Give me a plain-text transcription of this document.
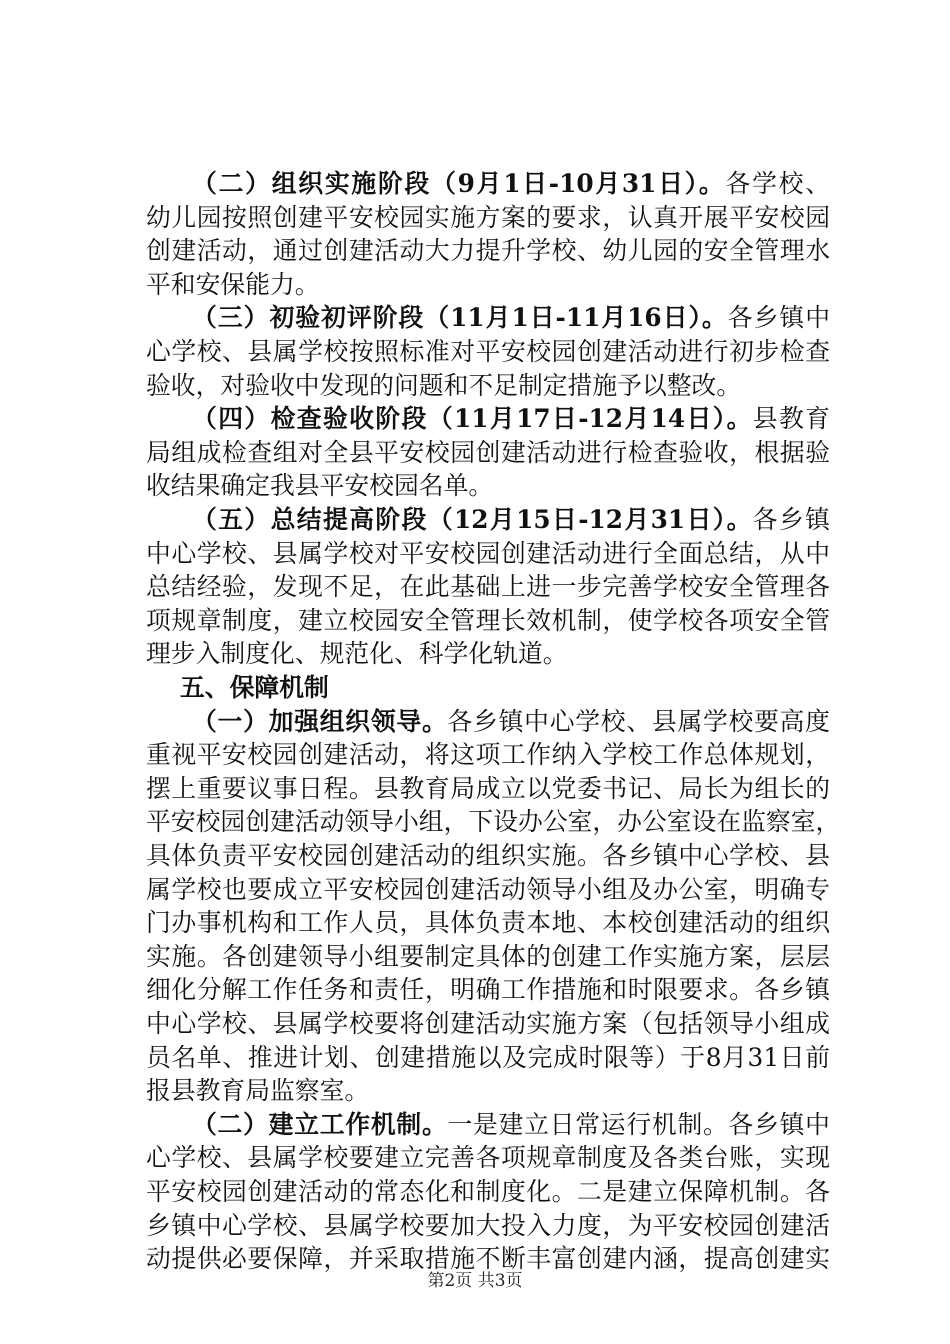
（二）组织实施阶段（9月1日-10月31日）。各学校、
幼儿园按照创建平安校园实施方案的要求，认真开展平安校园
创建活动，通过创建活动大力提升学校、幼儿园的安全管理水
平和安保能力。
（三）初验初评阶段（11月1日-11月16日）。各乡镇中
心学校、县属学校按照标准对平安校园创建活动进行初步检查
验收，对验收中发现的问题和不足制定措施予以整改。
（四）检查验收阶段（11月17日-12月14日）。县教育
局组成检查组对全县平安校园创建活动进行检查验收，根据验
收结果确定我县平安校园名单。
（五）总结提高阶段（12月15日-12月31日）。各乡镇
中心学校、县属学校对平安校园创建活动进行全面总结，从中
总结经验，发现不足，在此基础上进一步完善学校安全管理各
项规章制度，建立校园安全管理长效机制，使学校各项安全管
理步入制度化、规范化、科学化轨道。
五、保障机制
（一）加强组织领导。各乡镇中心学校、县属学校要高度
重视平安校园创建活动，将这项工作纳入学校工作总体规划，
摆上重要议事日程。县教育局成立以党委书记、局长为组长的
平安校园创建活动领导小组，下设办公室，办公室设在监察室，
具体负责平安校园创建活动的组织实施。各乡镇中心学校、县
属学校也要成立平安校园创建活动领导小组及办公室，明确专
门办事机构和工作人员，具体负责本地、本校创建活动的组织
实施。各创建领导小组要制定具体的创建工作实施方案，层层
细化分解工作任务和责任，明确工作措施和时限要求。各乡镇
中心学校、县属学校要将创建活动实施方案（包括领导小组成
员名单、推进计划、创建措施以及完成时限等）于8月31日前
报县教育局监察室。
（二）建立工作机制。一是建立日常运行机制。各乡镇中
心学校、县属学校要建立完善各项规章制度及各类台账，实现
平安校园创建活动的常态化和制度化。二是建立保障机制。各
乡镇中心学校、县属学校要加大投入力度，为平安校园创建活
动提供必要保障，并采取措施不断丰富创建内涵，提高创建实
第2页 共3页
